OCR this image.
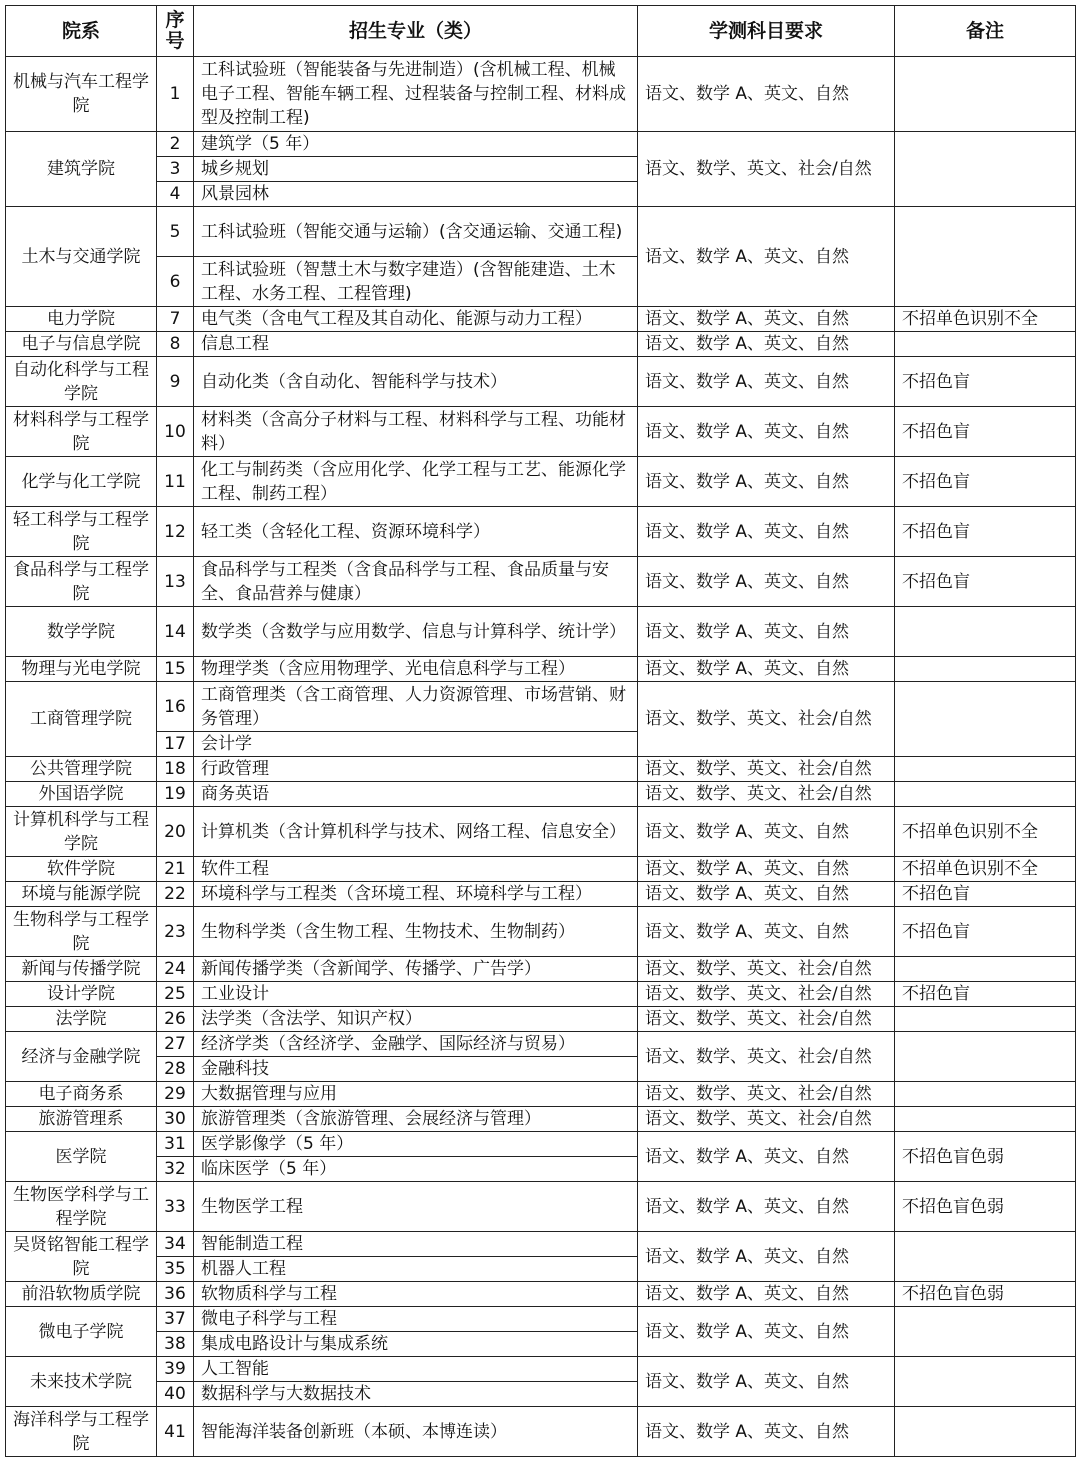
院系	序号	招生专业（类）	学测科目要求	备注
机械与汽车工程学院	1	工科试验班（智能装备与先进制造）(含机械工程、机械电子工程、智能车辆工程、过程装备与控制工程、材料成型及控制工程)	语文、数学 A、英文、自然	
建筑学院	2	建筑学（5 年）	语文、数学、英文、社会/自然	
	3	城乡规划		
	4	风景园林		
土木与交通学院	5	工科试验班（智能交通与运输）(含交通运输、交通工程)	语文、数学 A、英文、自然	
	6	工科试验班（智慧土木与数字建造）(含智能建造、土木工程、水务工程、工程管理)		
电力学院	7	电气类（含电气工程及其自动化、能源与动力工程）	语文、数学 A、英文、自然	不招单色识别不全
电子与信息学院	8	信息工程	语文、数学 A、英文、自然	
自动化科学与工程学院	9	自动化类（含自动化、智能科学与技术）	语文、数学 A、英文、自然	不招色盲
材料科学与工程学院	10	材料类（含高分子材料与工程、材料科学与工程、功能材料）	语文、数学 A、英文、自然	不招色盲
化学与化工学院	11	化工与制药类（含应用化学、化学工程与工艺、能源化学工程、制药工程）	语文、数学 A、英文、自然	不招色盲
轻工科学与工程学院	12	轻工类（含轻化工程、资源环境科学）	语文、数学 A、英文、自然	不招色盲
食品科学与工程学院	13	食品科学与工程类（含食品科学与工程、食品质量与安全、食品营养与健康）	语文、数学 A、英文、自然	不招色盲
数学学院	14	数学类（含数学与应用数学、信息与计算科学、统计学）	语文、数学 A、英文、自然	
物理与光电学院	15	物理学类（含应用物理学、光电信息科学与工程）	语文、数学 A、英文、自然	
工商管理学院	16	工商管理类（含工商管理、人力资源管理、市场营销、财务管理）	语文、数学、英文、社会/自然	
	17	会计学		
公共管理学院	18	行政管理	语文、数学、英文、社会/自然	
外国语学院	19	商务英语	语文、数学、英文、社会/自然	
计算机科学与工程学院	20	计算机类（含计算机科学与技术、网络工程、信息安全）	语文、数学 A、英文、自然	不招单色识别不全
软件学院	21	软件工程	语文、数学 A、英文、自然	不招单色识别不全
环境与能源学院	22	环境科学与工程类（含环境工程、环境科学与工程）	语文、数学 A、英文、自然	不招色盲
生物科学与工程学院	23	生物科学类（含生物工程、生物技术、生物制药）	语文、数学 A、英文、自然	不招色盲
新闻与传播学院	24	新闻传播学类（含新闻学、传播学、广告学）	语文、数学、英文、社会/自然	
设计学院	25	工业设计	语文、数学、英文、社会/自然	不招色盲
法学院	26	法学类（含法学、知识产权）	语文、数学、英文、社会/自然	
经济与金融学院	27	经济学类（含经济学、金融学、国际经济与贸易）	语文、数学、英文、社会/自然	
	28	金融科技		
电子商务系	29	大数据管理与应用	语文、数学、英文、社会/自然	
旅游管理系	30	旅游管理类（含旅游管理、会展经济与管理）	语文、数学、英文、社会/自然	
医学院	31	医学影像学（5 年）	语文、数学 A、英文、自然	不招色盲色弱
	32	临床医学（5 年）		
生物医学科学与工程学院	33	生物医学工程	语文、数学 A、英文、自然	不招色盲色弱
吴贤铭智能工程学院	34	智能制造工程	语文、数学 A、英文、自然	
	35	机器人工程		
前沿软物质学院	36	软物质科学与工程	语文、数学 A、英文、自然	不招色盲色弱
微电子学院	37	微电子科学与工程	语文、数学 A、英文、自然	
	38	集成电路设计与集成系统		
未来技术学院	39	人工智能	语文、数学 A、英文、自然	
	40	数据科学与大数据技术		
海洋科学与工程学院	41	智能海洋装备创新班（本硕、本博连读）	语文、数学 A、英文、自然	
